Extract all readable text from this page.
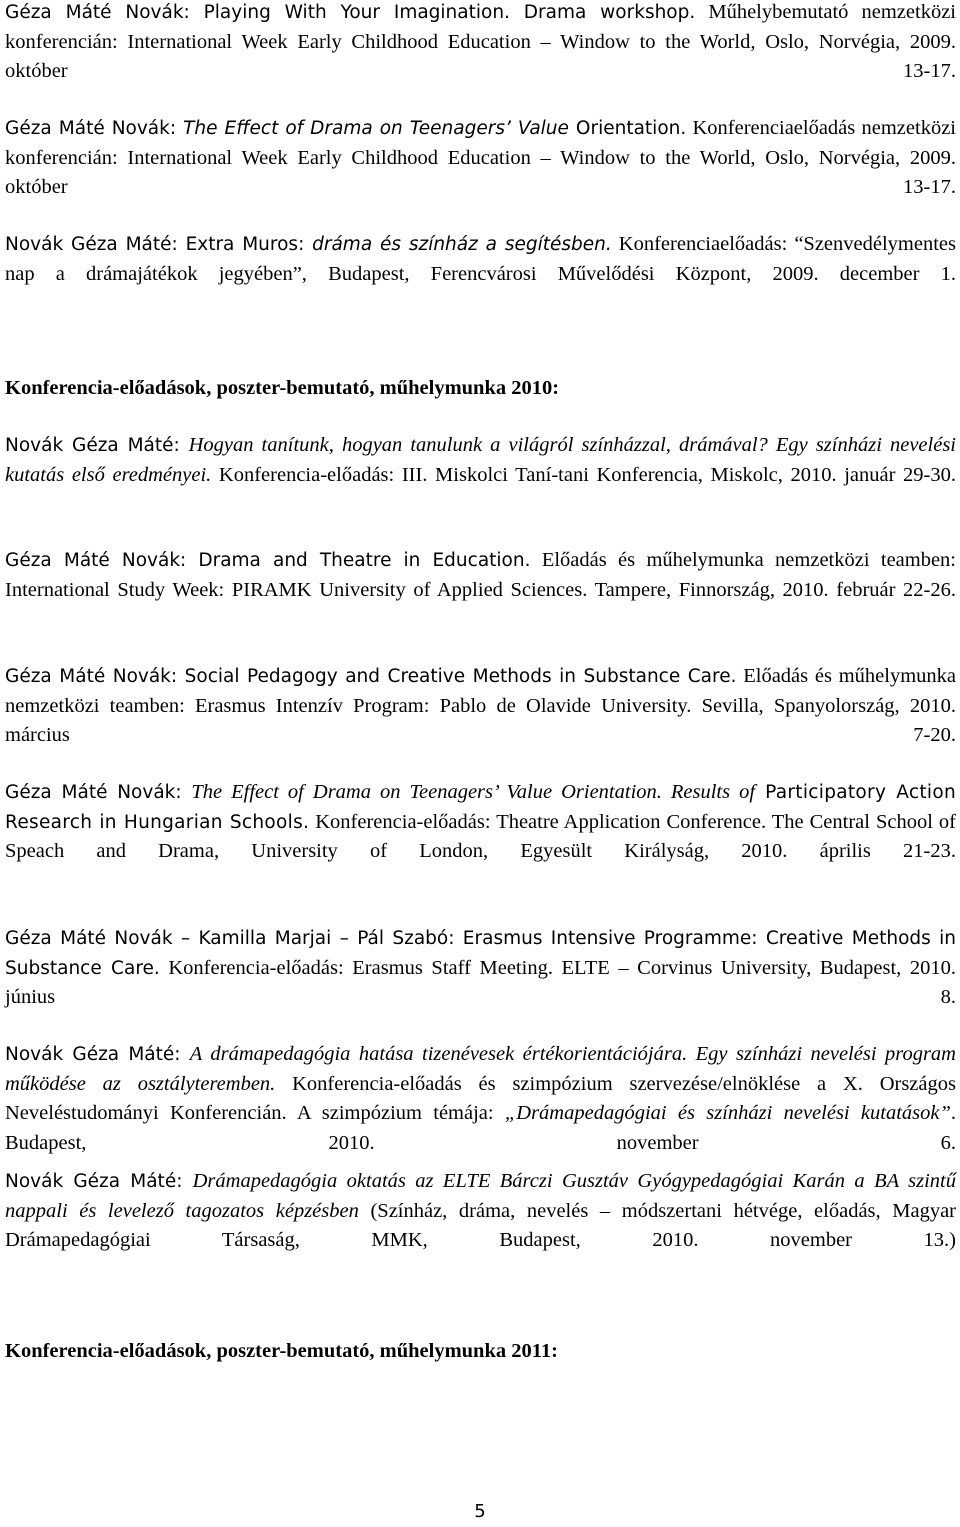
Géza Máté Novák: Playing With Your Imagination. Drama workshop. Műhelybemutató nemzetközi konferencián: International Week Early Childhood Education – Window to the World, Oslo, Norvégia, 2009. október 13-17.

Géza Máté Novák: The Effect of Drama on Teenagers’ Value Orientation. Konferenciaelőadás nemzetközi konferencián: International Week Early Childhood Education – Window to the World, Oslo, Norvégia, 2009. október 13-17.

Novák Géza Máté: Extra Muros: dráma és színház a segítésben. Konferenciaelőadás: “Szenvedélymentes nap a drámajátékok jegyében”, Budapest, Ferencvárosi Művelődési Központ, 2009. december 1.

Konferencia-előadások, poszter-bemutató, műhelymunka 2010:

Novák Géza Máté: Hogyan tanítunk, hogyan tanulunk a világról színházzal, drámával? Egy színházi nevelési kutatás első eredményei. Konferencia-előadás: III. Miskolci Taní-tani Konferencia, Miskolc, 2010. január 29-30.

Géza Máté Novák: Drama and Theatre in Education. Előadás és műhelymunka nemzetközi teamben: International Study Week: PIRAMK University of Applied Sciences. Tampere, Finnország, 2010. február 22-26.

Géza Máté Novák: Social Pedagogy and Creative Methods in Substance Care. Előadás és műhelymunka nemzetközi teamben: Erasmus Intenzív Program: Pablo de Olavide University. Sevilla, Spanyolország, 2010. március 7-20.

Géza Máté Novák: The Effect of Drama on Teenagers’ Value Orientation. Results of Participatory Action Research in Hungarian Schools. Konferencia-előadás: Theatre Application Conference. The Central School of Speach and Drama, University of London, Egyesült Királyság, 2010. április 21-23.

Géza Máté Novák – Kamilla Marjai – Pál Szabó: Erasmus Intensive Programme: Creative Methods in Substance Care. Konferencia-előadás: Erasmus Staff Meeting. ELTE – Corvinus University, Budapest, 2010. június 8.

Novák Géza Máté: A drámapedagógia hatása tizenévesek értékorientációjára. Egy színházi nevelési program működése az osztályteremben. Konferencia-előadás és szimpózium szervezése/elnöklése a X. Országos Neveléstudományi Konferencián. A szimpózium témája: „Drámapedagógiai és színházi nevelési kutatások”. Budapest, 2010. november 6.

Novák Géza Máté: Drámapedagógia oktatás az ELTE Bárczi Gusztáv Gyógypedagógiai Karán a BA szintű nappali és levelező tagozatos képzésben (Színház, dráma, nevelés – módszertani hétvége, előadás, Magyar Drámapedagógiai Társaság, MMK, Budapest, 2010. november 13.)

Konferencia-előadások, poszter-bemutató, műhelymunka 2011:

5
